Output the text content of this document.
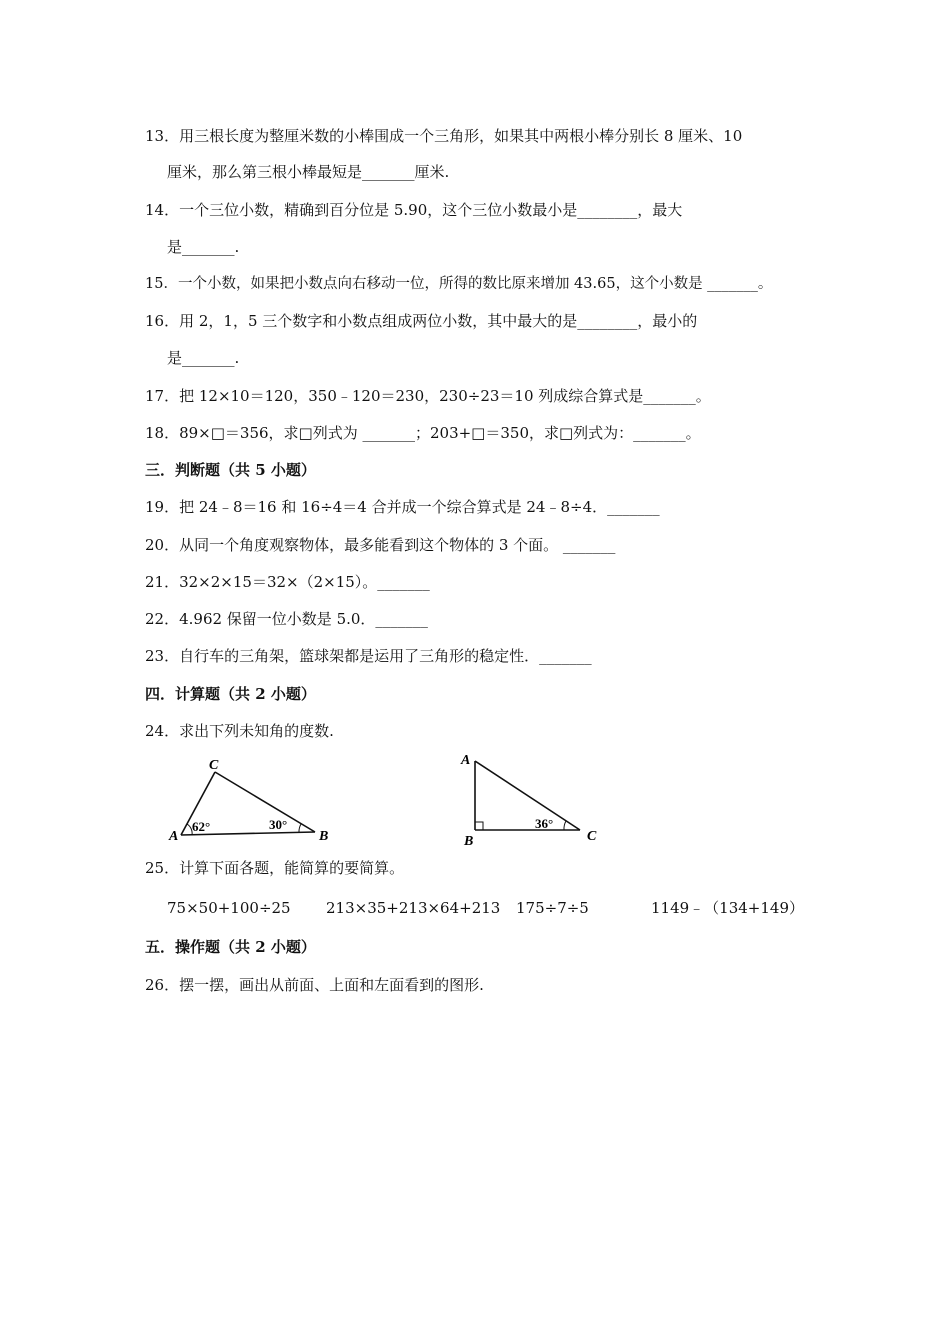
13．用三根长度为整厘米数的小棒围成一个三角形，如果其中两根小棒分别长 8 厘米、10
厘米，那么第三根小棒最短是_______厘米.
14．一个三位小数，精确到百分位是 5.90，这个三位小数最小是________，最大
是_______.
15．一个小数，如果把小数点向右移动一位，所得的数比原来增加 43.65，这个小数是 _______。
16．用 2，1，5 三个数字和小数点组成两位小数，其中最大的是________，最小的
是_______.
17．把 12×10＝120，350﹣120＝230，230÷23＝10 列成综合算式是_______。
18．89×□＝356，求□列式为 _______；203+□＝350，求□列式为：_______。
三．判断题（共 5 小题）
19．把 24﹣8＝16 和 16÷4＝4 合并成一个综合算式是 24﹣8÷4．_______
20．从同一个角度观察物体，最多能看到这个物体的 3 个面。 _______
21．32×2×15＝32×（2×15）。_______
22．4.962 保留一位小数是 5.0．_______
23．自行车的三角架，篮球架都是运用了三角形的稳定性．_______
四．计算题（共 2 小题）
24．求出下列未知角的度数.
C
A	B
62°	30°
A
B	C
36°
25．计算下面各题，能简算的要简算。
75×50+100÷25 213×35+213×64+213 175÷7÷5	1149﹣（134+149）
五．操作题（共 2 小题）
26．摆一摆，画出从前面、上面和左面看到的图形.
